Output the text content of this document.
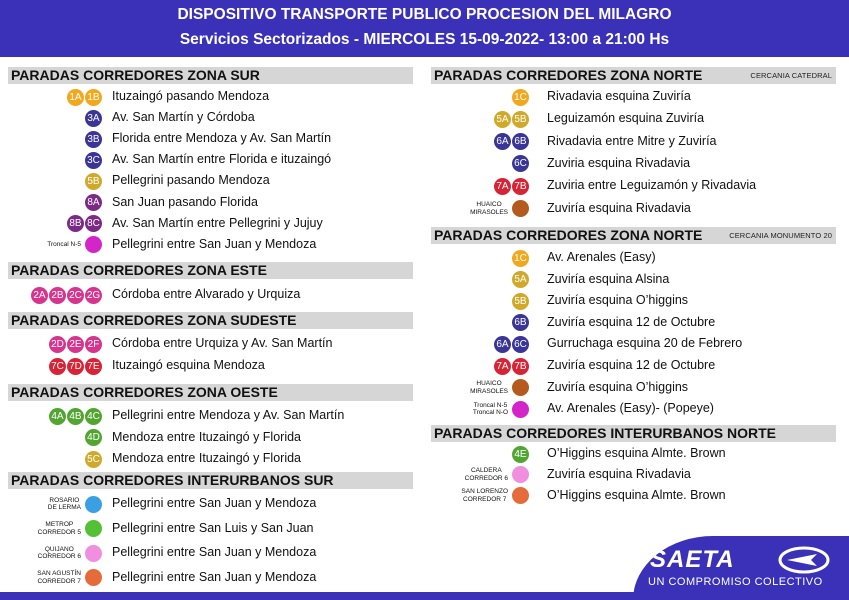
DISPOSITIVO TRANSPORTE PUBLICO PROCESION DEL MILAGRO
Servicios Sectorizados - MIERCOLES 15-09-2022- 13:00 a 21:00 Hs
PARADAS CORREDORES ZONA SUR
1A 1B Ituzaingó pasando Mendoza
3A Av. San Martín y Córdoba
3B Florida entre Mendoza y Av. San Martín
3C Av. San Martín entre Florida e ituzaingó
5B Pellegrini pasando Mendoza
8A San Juan pasando Florida
8B 8C Av. San Martín entre Pellegrini y Jujuy
Troncal N-5 Pellegrini entre San Juan y Mendoza
PARADAS CORREDORES ZONA ESTE
2A 2B 2C 2G Córdoba entre Alvarado y Urquiza
PARADAS CORREDORES ZONA SUDESTE
2D 2E 2F Córdoba entre Urquiza y Av. San Martín
7C 7D 7E Ituzaingó esquina Mendoza
PARADAS CORREDORES ZONA OESTE
4A 4B 4C Pellegrini entre Mendoza y Av. San Martín
4D Mendoza entre Ituzaingó y Florida
5C Mendoza entre Ituzaingó y Florida
PARADAS CORREDORES INTERURBANOS SUR
ROSARIO
DE LERMA Pellegrini entre San Juan y Mendoza
METROP
CORREDOR 5 Pellegrini entre San Luis y San Juan
QUIJANO
CORREDOR 6 Pellegrini entre San Juan y Mendoza
SAN AGUSTÍN
CORREDOR 7 Pellegrini entre San Juan y Mendoza
PARADAS CORREDORES ZONA NORTE	CERCANIA CATEDRAL
1C Rivadavia esquina Zuviría
5A 5B Leguizamón esquina Zuviría
6A 6B Rivadavia entre Mitre y Zuviría
6C Zuviria esquina Rivadavia
7A 7B Zuviria entre Leguizamón y Rivadavia
HUAICO
MIRASOLES	Zuviría esquina Rivadavia
PARADAS CORREDORES ZONA NORTE	CERCANIA MONUMENTO 20
1C Av. Arenales (Easy)
5A Zuviría esquina Alsina
5B Zuviría esquina O’higgins
6B Zuviría esquina 12 de Octubre
6A 6C Gurruchaga esquina 20 de Febrero
7A 7B Zuviría esquina 12 de Octubre
HUAICO
MIRASOLES	Zuviría esquina O’higgins
Troncal N-5
Troncal N-O	Av. Arenales (Easy)- (Popeye)
PARADAS CORREDORES INTERURBANOS NORTE
4E O’Higgins esquina Almte. Brown
CALDERA
CORREDOR 6	Zuviría esquina Rivadavia
SAN LORENZO
CORREDOR 7	O’Higgins esquina Almte. Brown
SAETA
UN COMPROMISO COLECTIVO
